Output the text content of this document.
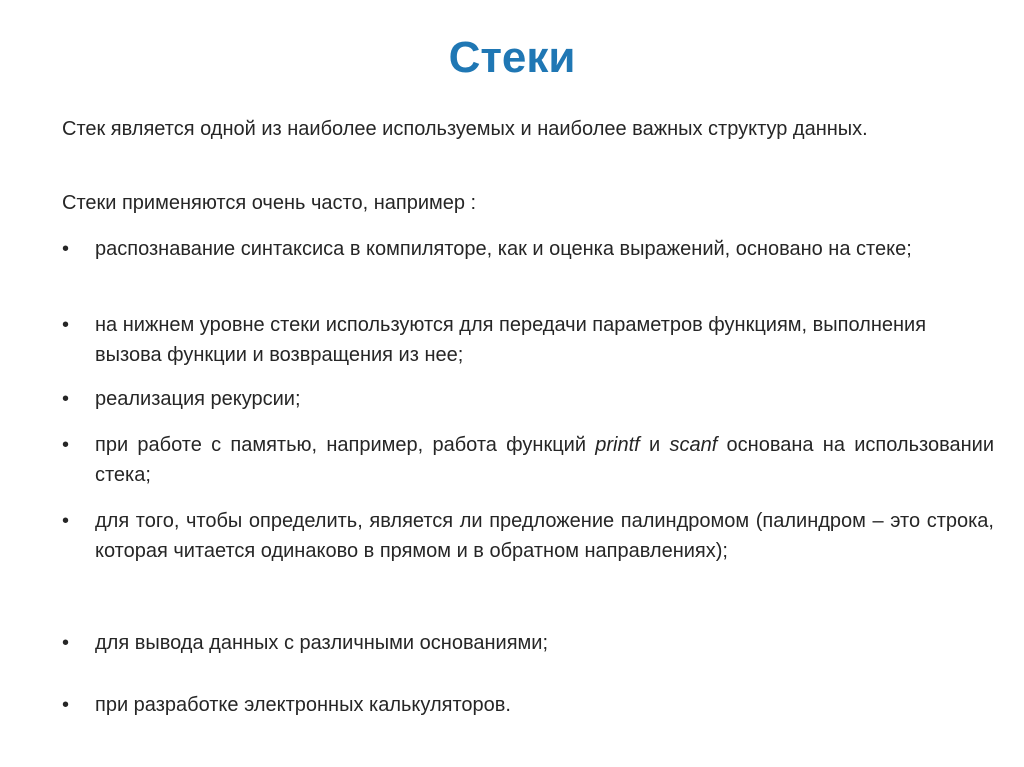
Стеки
Стек является одной из наиболее используемых и наиболее важных структур данных.
Стеки применяются очень часто, например :
•	распознавание синтаксиса в компиляторе, как и оценка выражений, основано на стеке;
•	на нижнем уровне стеки используются для передачи параметров функциям, выполнения вызова функции и возвращения из нее;
•	реализация рекурсии;
•	при работе с памятью, например, работа функций printf и scanf основана на использовании стека;
•	для того, чтобы определить, является ли предложение палиндромом (палиндром – это строка, которая читается одинаково в прямом и в обратном направлениях);
•	для вывода данных с различными основаниями;
•	при разработке электронных калькуляторов.
